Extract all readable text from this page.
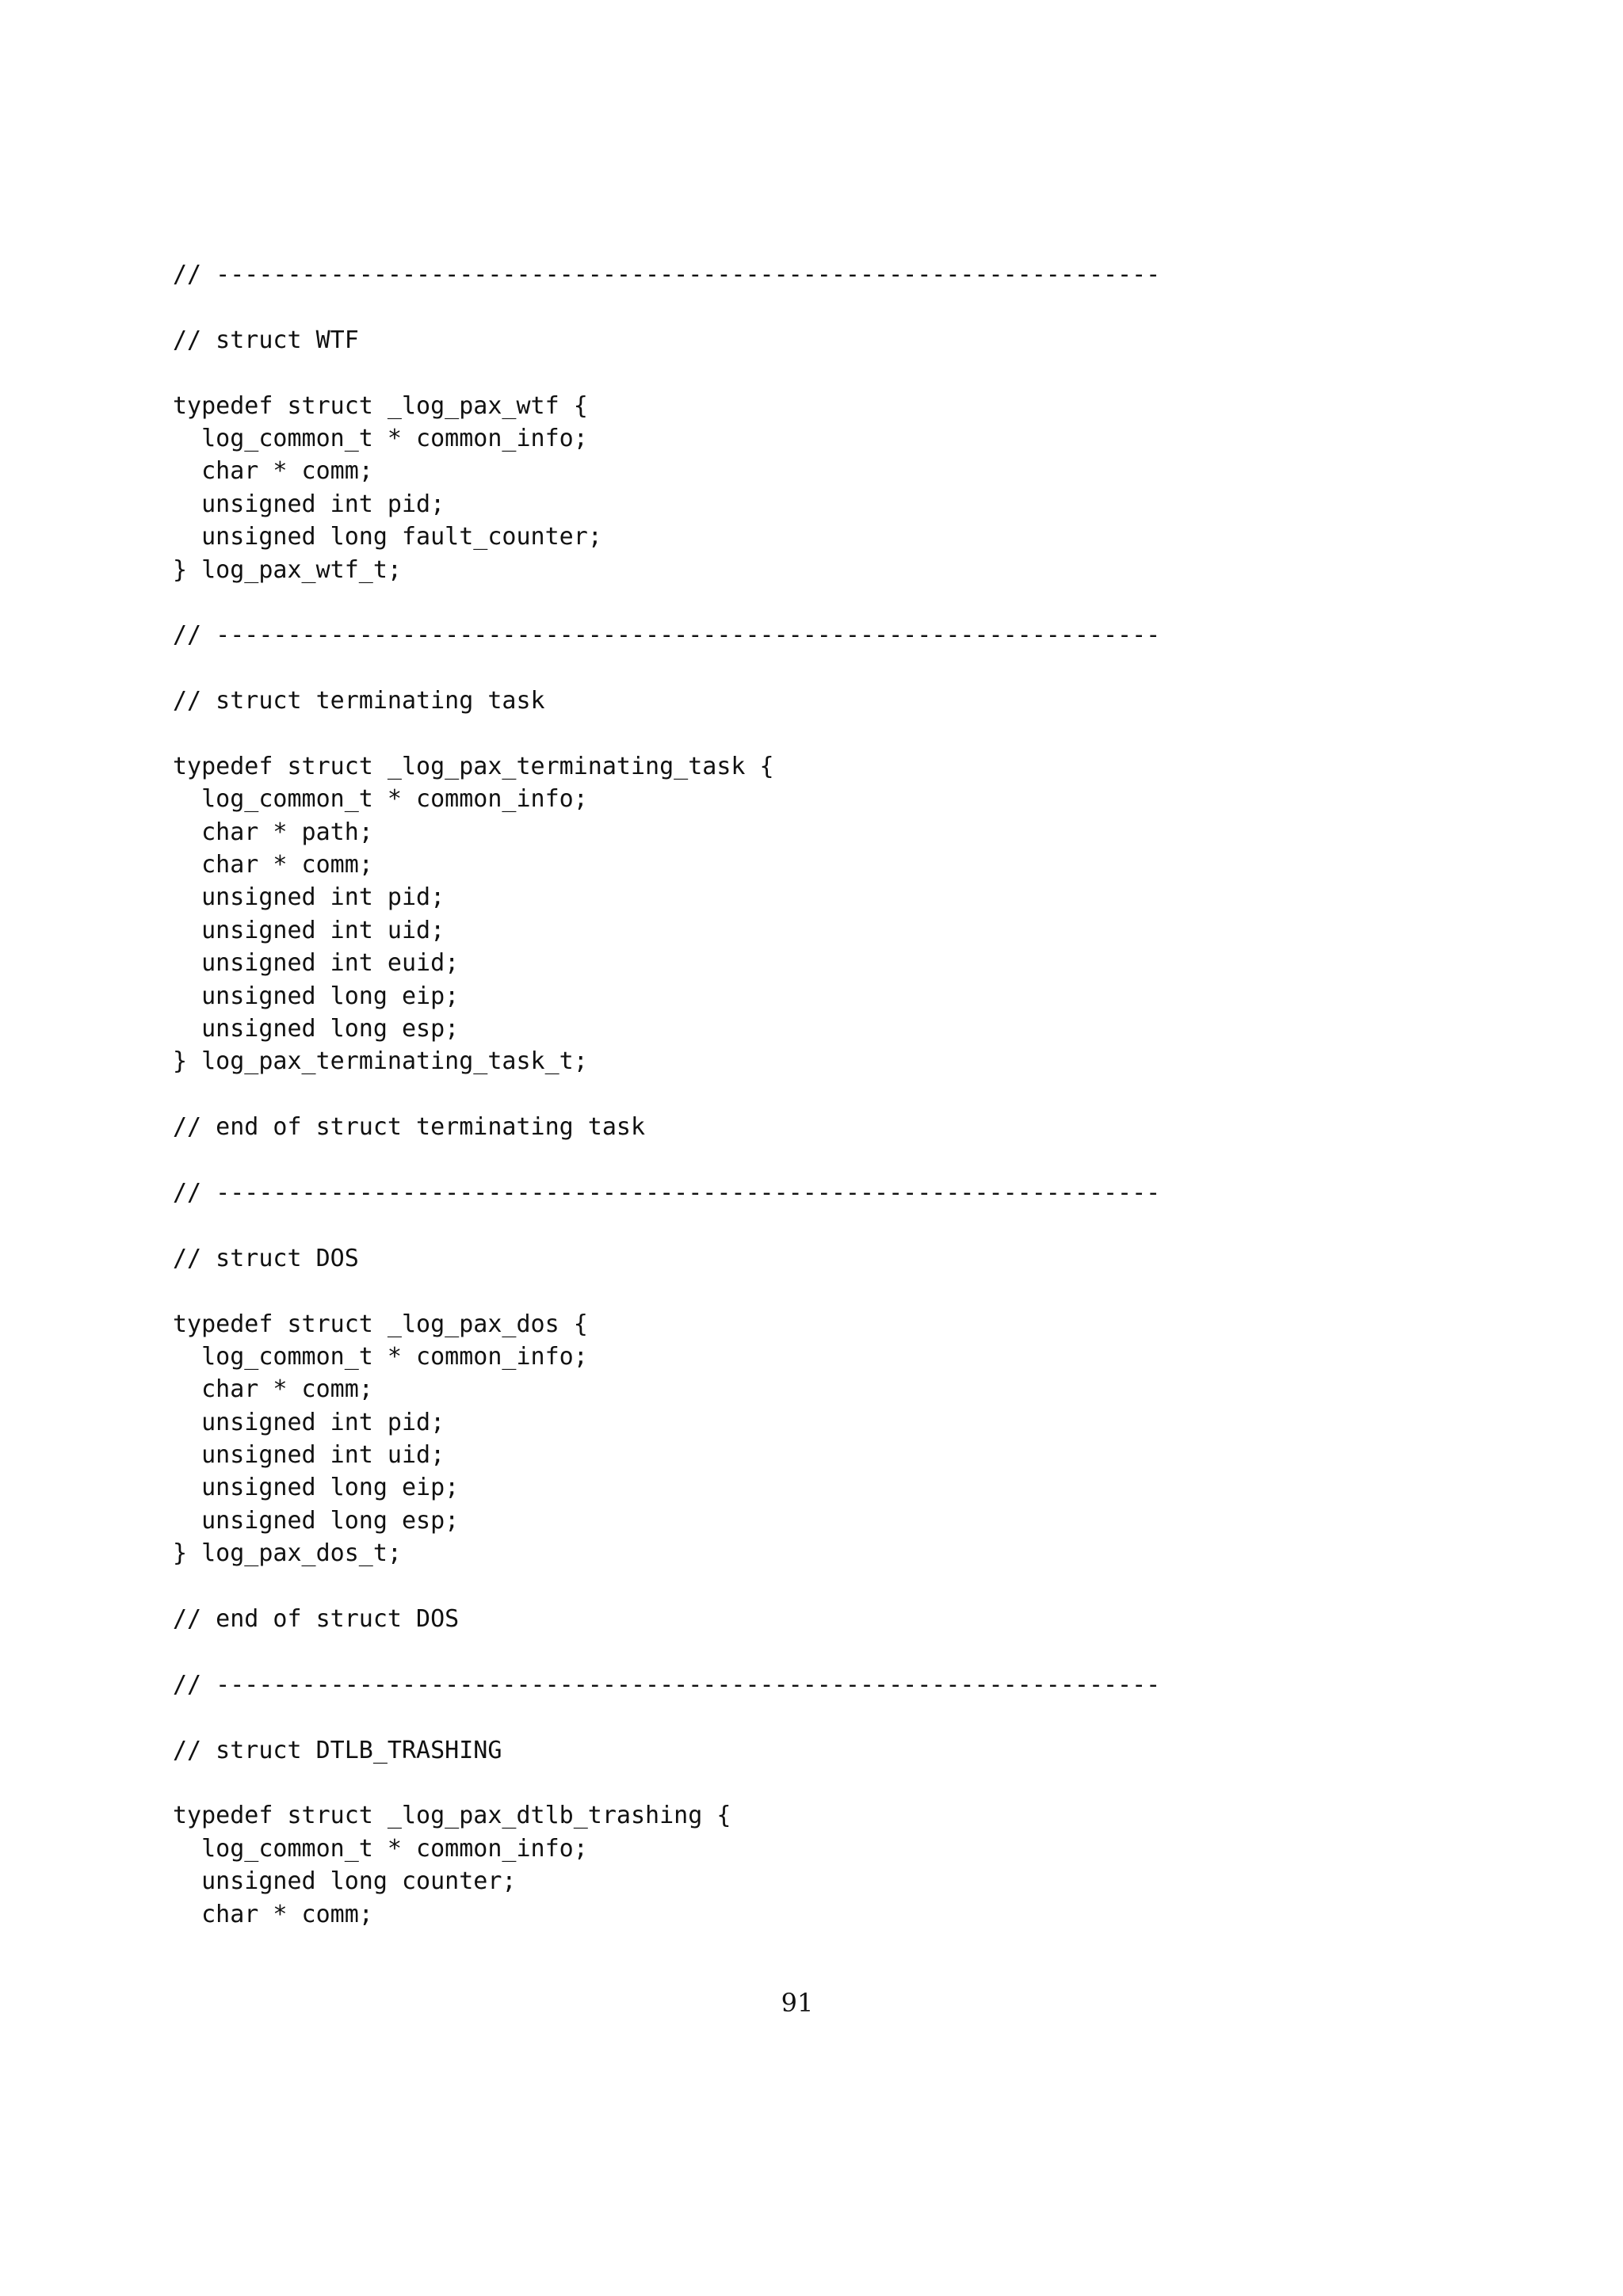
// ------------------------------------------------------------------
// struct WTF
typedef struct _log_pax_wtf {
log_common_t * common_info;
char * comm;
unsigned int pid;
unsigned long fault_counter;
} log_pax_wtf_t;
// ------------------------------------------------------------------
// struct terminating task
typedef struct _log_pax_terminating_task {
log_common_t * common_info;
char * path;
char * comm;
unsigned int pid;
unsigned int uid;
unsigned int euid;
unsigned long eip;
unsigned long esp;
} log_pax_terminating_task_t;
// end of struct terminating task
// ------------------------------------------------------------------
// struct DOS
typedef struct _log_pax_dos {
log_common_t * common_info;
char * comm;
unsigned int pid;
unsigned int uid;
unsigned long eip;
unsigned long esp;
} log_pax_dos_t;
// end of struct DOS
// ------------------------------------------------------------------
// struct DTLB_TRASHING
typedef struct _log_pax_dtlb_trashing {
log_common_t * common_info;
unsigned long counter;
char * comm;
91
